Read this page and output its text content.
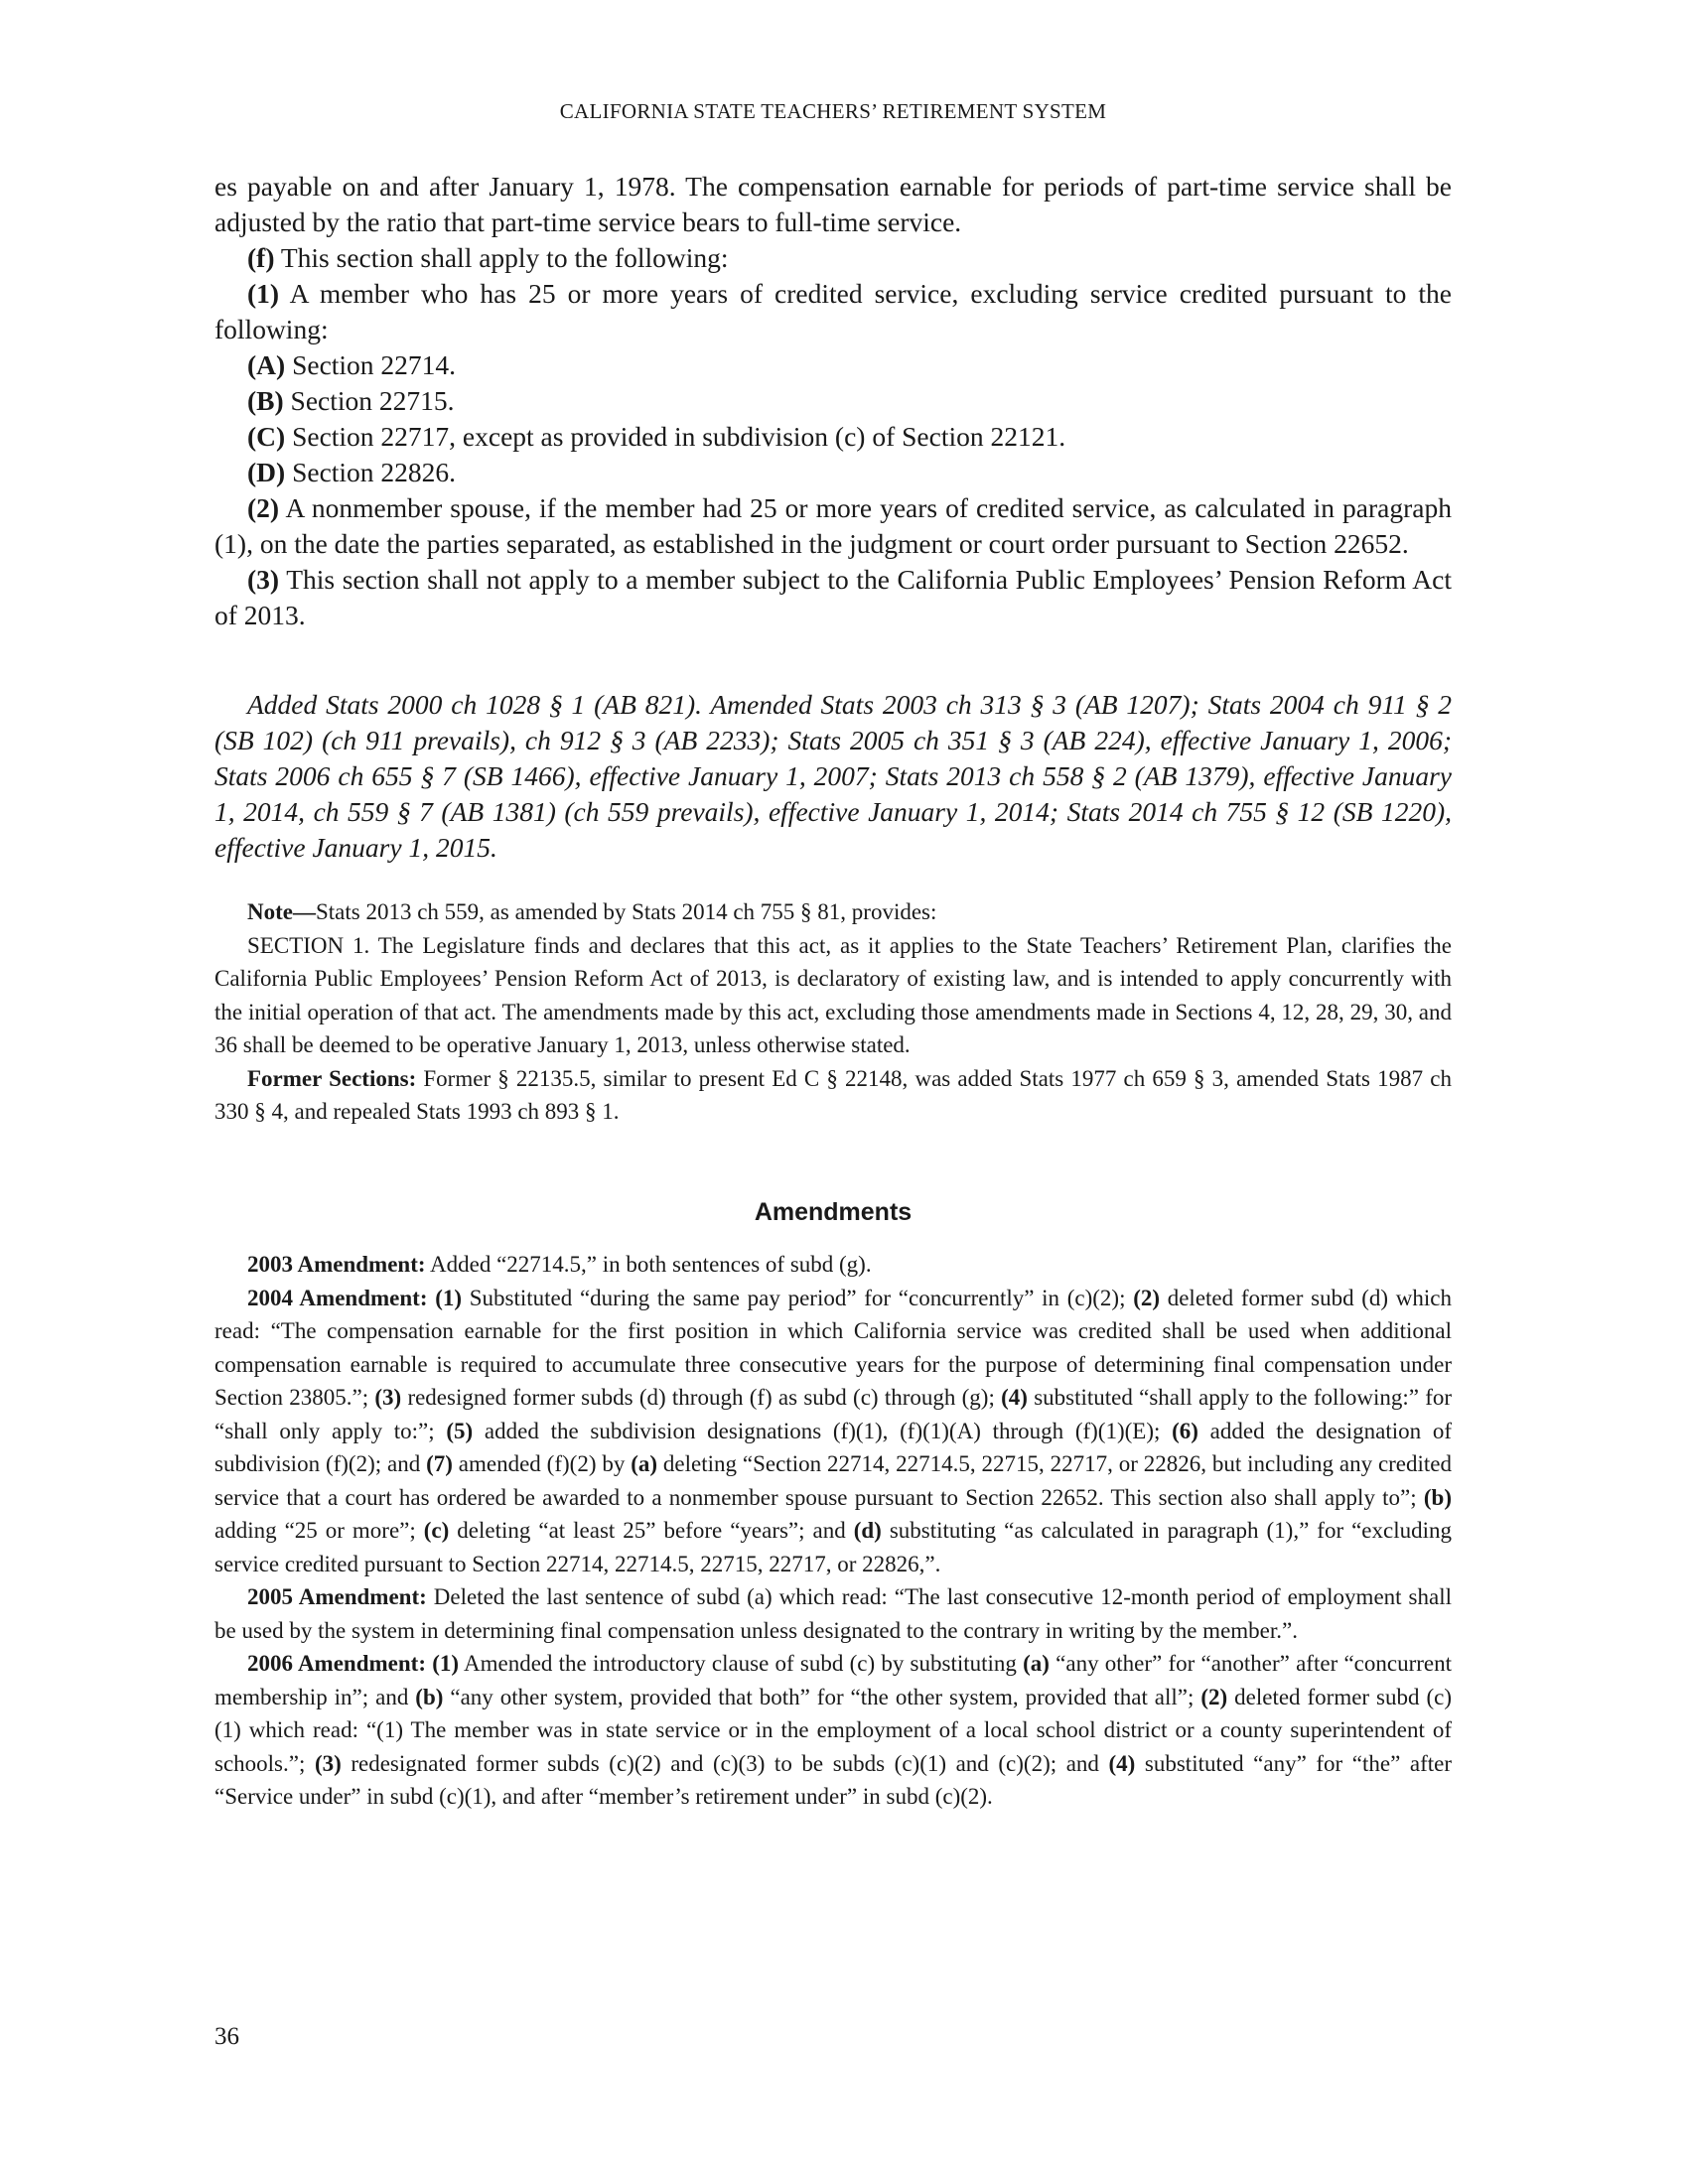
CALIFORNIA STATE TEACHERS’ RETIREMENT SYSTEM

es payable on and after January 1, 1978. The compensation earnable for periods of part-time service shall be adjusted by the ratio that part-time service bears to full-time service.

(f) This section shall apply to the following:

(1) A member who has 25 or more years of credited service, excluding service credited pursuant to the following:

(A) Section 22714.

(B) Section 22715.

(C) Section 22717, except as provided in subdivision (c) of Section 22121.

(D) Section 22826.

(2) A nonmember spouse, if the member had 25 or more years of credited service, as calculated in paragraph (1), on the date the parties separated, as established in the judgment or court order pursuant to Section 22652.

(3) This section shall not apply to a member subject to the California Public Employees’ Pension Reform Act of 2013.

Added Stats 2000 ch 1028 § 1 (AB 821). Amended Stats 2003 ch 313 § 3 (AB 1207); Stats 2004 ch 911 § 2 (SB 102) (ch 911 prevails), ch 912 § 3 (AB 2233); Stats 2005 ch 351 § 3 (AB 224), effective January 1, 2006; Stats 2006 ch 655 § 7 (SB 1466), effective January 1, 2007; Stats 2013 ch 558 § 2 (AB 1379), effective January 1, 2014, ch 559 § 7 (AB 1381) (ch 559 prevails), effective January 1, 2014; Stats 2014 ch 755 § 12 (SB 1220), effective January 1, 2015.

Note—Stats 2013 ch 559, as amended by Stats 2014 ch 755 § 81, provides:

SECTION 1. The Legislature finds and declares that this act, as it applies to the State Teachers’ Retirement Plan, clarifies the California Public Employees’ Pension Reform Act of 2013, is declaratory of existing law, and is intended to apply concurrently with the initial operation of that act. The amendments made by this act, excluding those amendments made in Sections 4, 12, 28, 29, 30, and 36 shall be deemed to be operative January 1, 2013, unless otherwise stated.

Former Sections: Former § 22135.5, similar to present Ed C § 22148, was added Stats 1977 ch 659 § 3, amended Stats 1987 ch 330 § 4, and repealed Stats 1993 ch 893 § 1.

Amendments

2003 Amendment: Added “22714.5,” in both sentences of subd (g).

2004 Amendment: (1) Substituted “during the same pay period” for “concurrently” in (c)(2); (2) deleted former subd (d) which read: “The compensation earnable for the first position in which California service was credited shall be used when additional compensation earnable is required to accumulate three consecutive years for the purpose of determining final compensation under Section 23805.”; (3) redesigned former subds (d) through (f) as subd (c) through (g); (4) substituted “shall apply to the following:” for “shall only apply to:”; (5) added the subdivision designations (f)(1), (f)(1)(A) through (f)(1)(E); (6) added the designation of subdivision (f)(2); and (7) amended (f)(2) by (a) deleting “Section 22714, 22714.5, 22715, 22717, or 22826, but including any credited service that a court has ordered be awarded to a nonmember spouse pursuant to Section 22652. This section also shall apply to”; (b) adding “25 or more”; (c) deleting “at least 25” before “years”; and (d) substituting “as calculated in paragraph (1),” for “excluding service credited pursuant to Section 22714, 22714.5, 22715, 22717, or 22826,”.

2005 Amendment: Deleted the last sentence of subd (a) which read: “The last consecutive 12-month period of employment shall be used by the system in determining final compensation unless designated to the contrary in writing by the member.”.

2006 Amendment: (1) Amended the introductory clause of subd (c) by substituting (a) “any other” for “another” after “concurrent membership in”; and (b) “any other system, provided that both” for “the other system, provided that all”; (2) deleted former subd (c)(1) which read: “(1) The member was in state service or in the employment of a local school district or a county superintendent of schools.”; (3) redesignated former subds (c)(2) and (c)(3) to be subds (c)(1) and (c)(2); and (4) substituted “any” for “the” after “Service under” in subd (c)(1), and after “member’s retirement under” in subd (c)(2).

36
